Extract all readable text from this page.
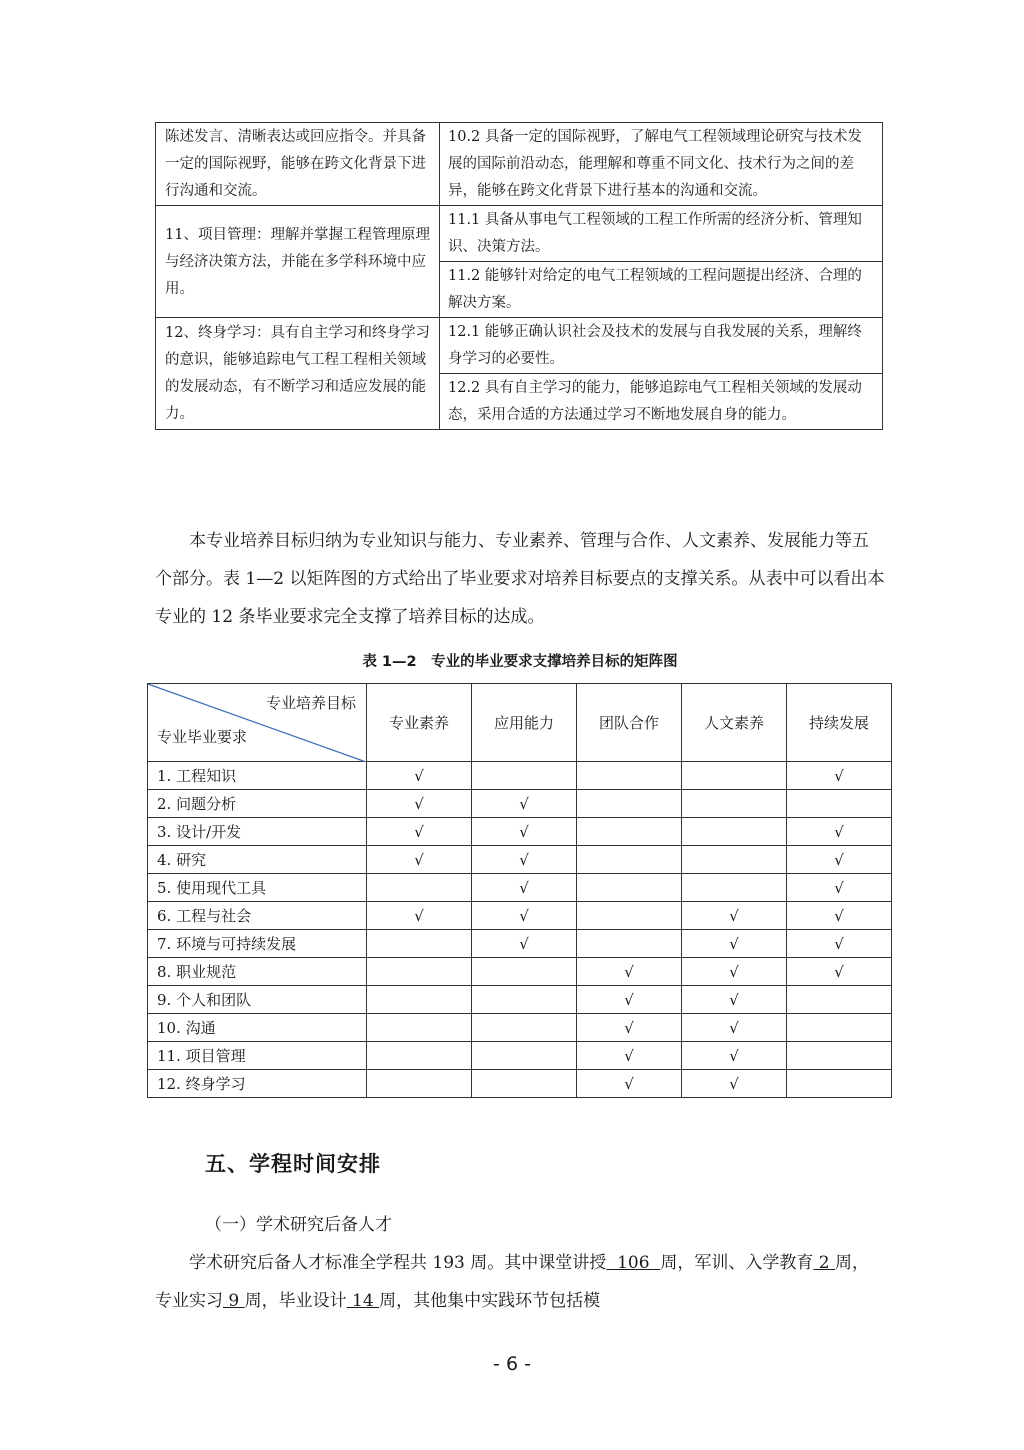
陈述发言、清晰表达或回应指令。并具备一定的国际视野，能够在跨文化背景下进行沟通和交流。	10.2 具备一定的国际视野，了解电气工程领域理论研究与技术发展的国际前沿动态，能理解和尊重不同文化、技术行为之间的差异，能够在跨文化背景下进行基本的沟通和交流。
11、项目管理：理解并掌握工程管理原理与经济决策方法，并能在多学科环境中应用。	11.1 具备从事电气工程领域的工程工作所需的经济分析、管理知识、决策方法。
	11.2 能够针对给定的电气工程领域的工程问题提出经济、合理的解决方案。
12、终身学习：具有自主学习和终身学习的意识，能够追踪电气工程工程相关领域的发展动态，有不断学习和适应发展的能力。	12.1 能够正确认识社会及技术的发展与自我发展的关系，理解终身学习的必要性。
	12.2 具有自主学习的能力，能够追踪电气工程相关领域的发展动态，采用合适的方法通过学习不断地发展自身的能力。

本专业培养目标归纳为专业知识与能力、专业素养、管理与合作、人文素养、发展能力等五个部分。表 1—2 以矩阵图的方式给出了毕业要求对培养目标要点的支撑关系。从表中可以看出本专业的 12 条毕业要求完全支撑了培养目标的达成。

表 1—2　专业的毕业要求支撑培养目标的矩阵图
专业培养目标
专业毕业要求	专业素养	应用能力	团队合作	人文素养	持续发展
1. 工程知识	√				√
2. 问题分析	√	√			
3. 设计/开发	√	√			√
4. 研究	√	√			√
5. 使用现代工具		√			√
6. 工程与社会	√	√		√	√
7. 环境与可持续发展		√		√	√
8. 职业规范			√	√	√
9. 个人和团队			√	√	
10. 沟通			√	√	
11. 项目管理			√	√	
12. 终身学习			√	√	
五、学程时间安排
（一）学术研究后备人才

学术研究后备人才标准全学程共 193 周。其中课堂讲授  106  周，军训、入学教育 2 周，专业实习 9 周，毕业设计 14 周，其他集中实践环节包括模

- 6 -
